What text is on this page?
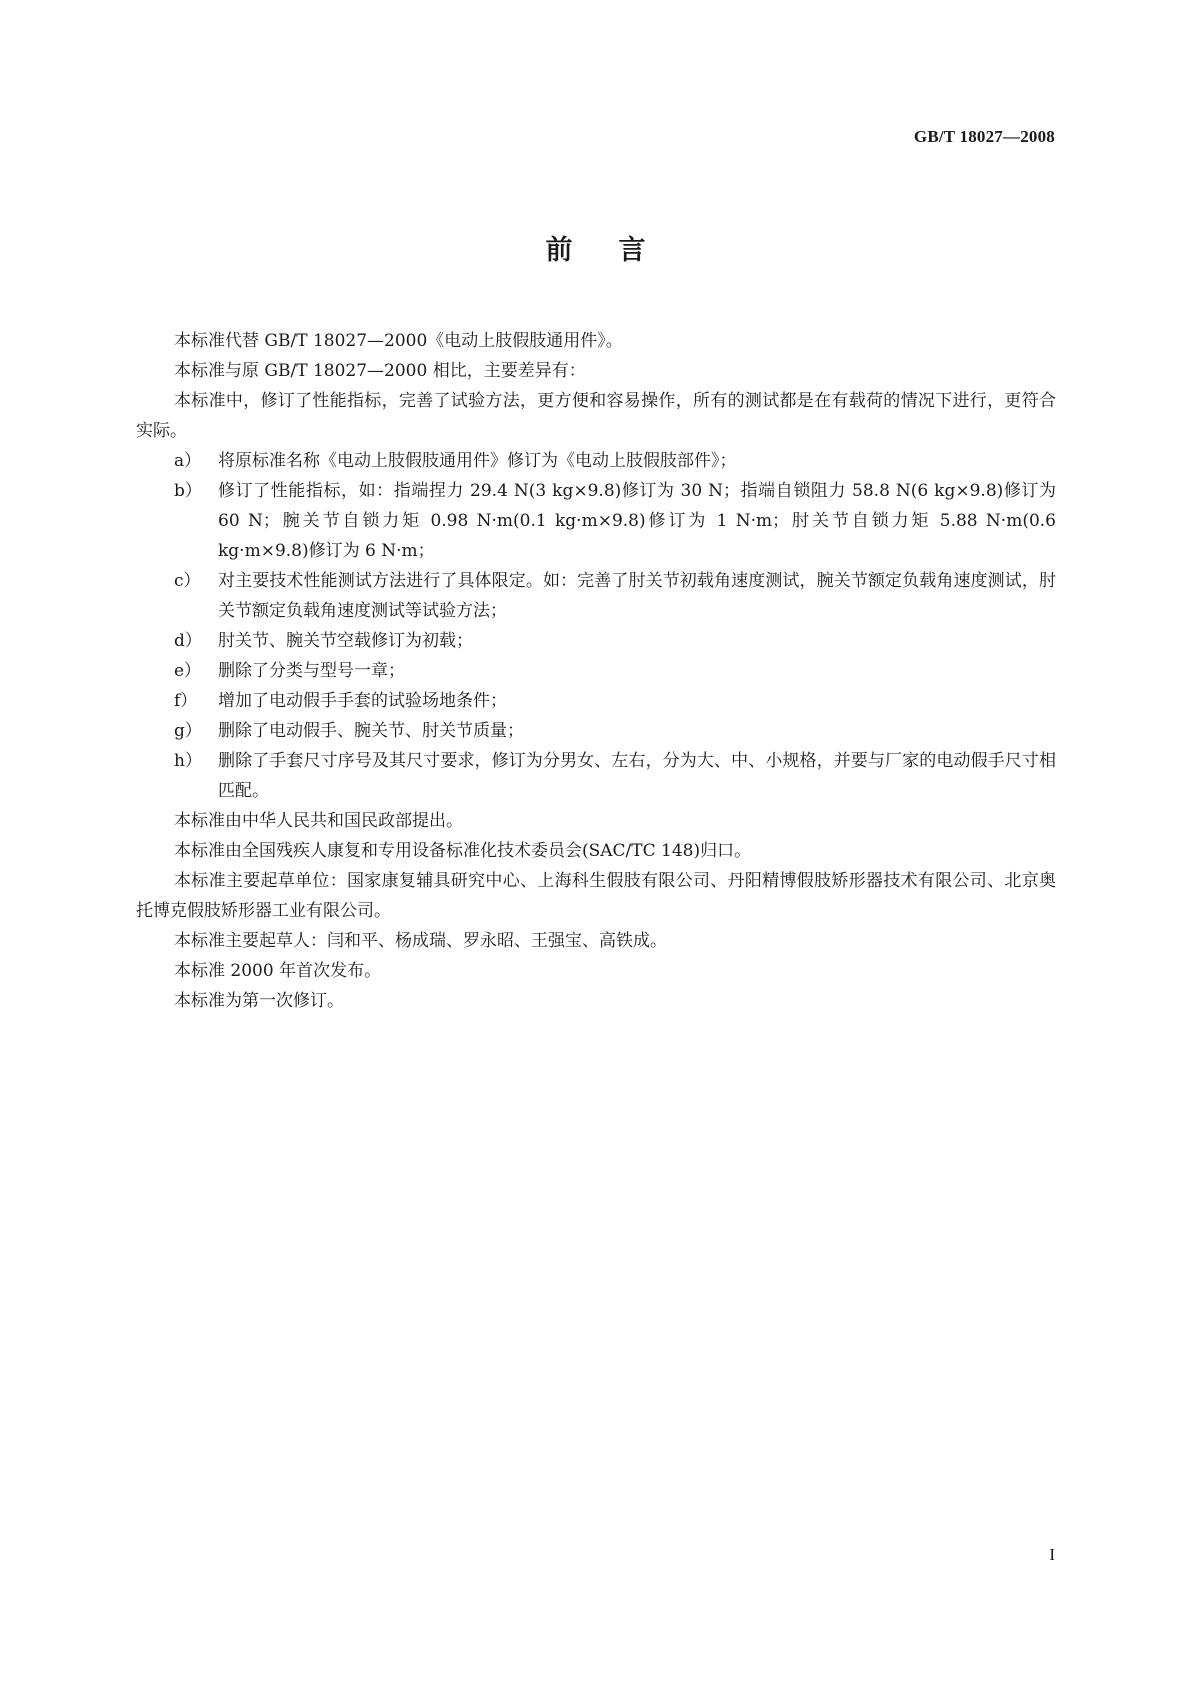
GB/T 18027—2008
前言

本标准代替 GB/T 18027—2000《电动上肢假肢通用件》。

本标准与原 GB/T 18027—2000 相比，主要差异有：

本标准中，修订了性能指标，完善了试验方法，更方便和容易操作，所有的测试都是在有载荷的情况下进行，更符合实际。

a） 将原标准名称《电动上肢假肢通用件》修订为《电动上肢假肢部件》；
b） 修订了性能指标，如：指端捏力 29.4 N(3 kg×9.8)修订为 30 N；指端自锁阻力 58.8 N(6 kg×9.8)修订为 60 N；腕关节自锁力矩 0.98 N·m(0.1 kg·m×9.8)修订为 1 N·m；肘关节自锁力矩 5.88 N·m(0.6 kg·m×9.8)修订为 6 N·m；
c）	对主要技术性能测试方法进行了具体限定。如：完善了肘关节初载角速度测试，腕关节额定负载角速度测试，肘关节额定负载角速度测试等试验方法；
d） 肘关节、腕关节空载修订为初载；
e） 删除了分类与型号一章；
f）	增加了电动假手手套的试验场地条件；
g） 删除了电动假手、腕关节、肘关节质量；
h） 删除了手套尺寸序号及其尺寸要求，修订为分男女、左右，分为大、中、小规格，并要与厂家的电动假手尺寸相匹配。

本标准由中华人民共和国民政部提出。

本标准由全国残疾人康复和专用设备标准化技术委员会(SAC/TC 148)归口。

本标准主要起草单位：国家康复辅具研究中心、上海科生假肢有限公司、丹阳精博假肢矫形器技术有限公司、北京奥托博克假肢矫形器工业有限公司。

本标准主要起草人：闫和平、杨成瑞、罗永昭、王强宝、高铁成。

本标准 2000 年首次发布。

本标准为第一次修订。

I
